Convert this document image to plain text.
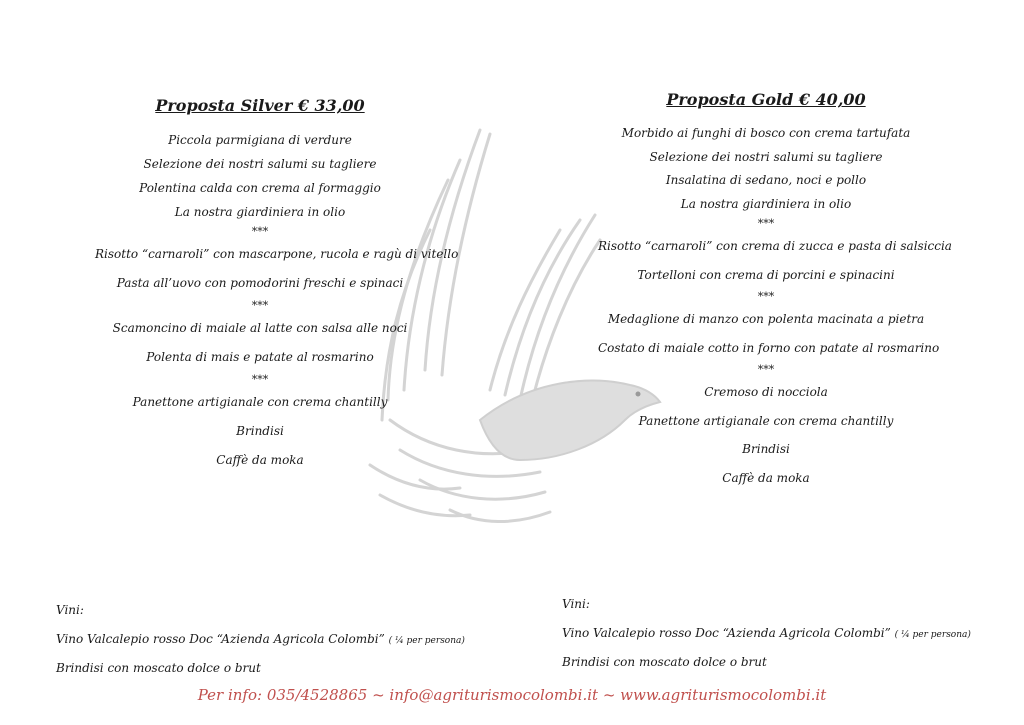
Proposta Silver € 33,00
Piccola parmigiana di verdure
Selezione dei nostri salumi su tagliere
Polentina calda con crema al formaggio
La nostra giardiniera in olio
***
Risotto “carnaroli” con mascarpone, rucola e ragù di vitello
Pasta all’uovo con pomodorini freschi e spinaci
***
Scamoncino di maiale al latte con salsa alle noci
Polenta di mais e patate al rosmarino
***
Panettone artigianale con crema chantilly
Brindisi
Caffè da moka
Proposta Gold € 40,00
Morbido ai funghi di bosco con crema tartufata
Selezione dei nostri salumi su tagliere
Insalatina di sedano, noci e pollo
La nostra giardiniera in olio
***
Risotto “carnaroli” con crema di zucca e pasta di salsiccia
Tortelloni con crema di porcini e spinacini
***
Medaglione di manzo con polenta macinata a pietra
Costato di maiale cotto in forno con patate al rosmarino
***
Cremoso di nocciola
Panettone artigianale con crema chantilly
Brindisi
Caffè da moka
Vini:
Vino Valcalepio rosso Doc “Azienda Agricola Colombi” ( ¼ per persona)
Brindisi con moscato dolce o brut
Vini:
Vino Valcalepio rosso Doc “Azienda Agricola Colombi” ( ¼ per persona)
Brindisi con moscato dolce o brut
Per info: 035/4528865 ~ info@agriturismocolombi.it ~ www.agriturismocolombi.it
